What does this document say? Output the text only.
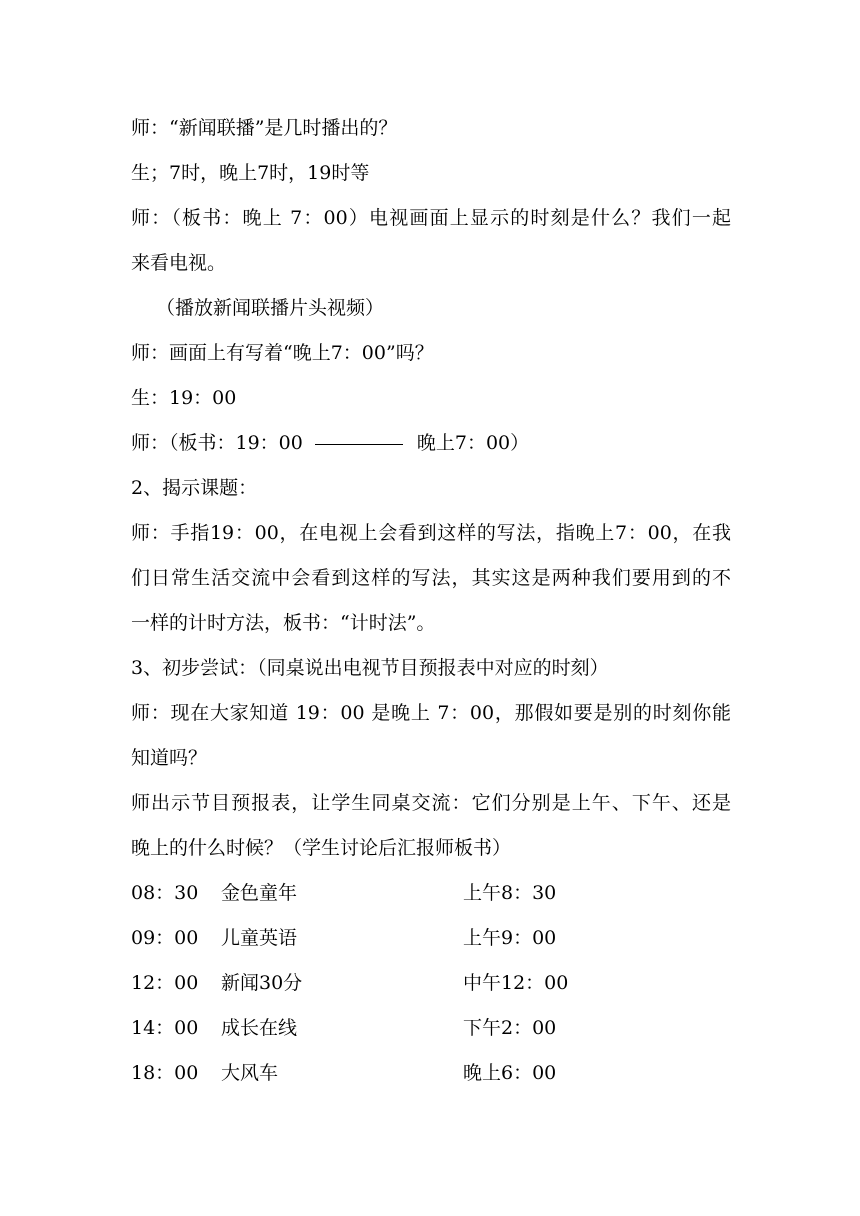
师：“新闻联播”是几时播出的？
生；7时，晚上7时，19时等
师：（板书：晚上 7：00）电视画面上显示的时刻是什么？我们一起
来看电视。
（播放新闻联播片头视频）
师：画面上有写着“晚上7：00”吗？
生：19：00
师：（板书：19：00	晚上7：00）
2、揭示课题：
师：手指19：00，在电视上会看到这样的写法，指晚上7：00，在我
们日常生活交流中会看到这样的写法，其实这是两种我们要用到的不
一样的计时方法，板书：“计时法”。
3、初步尝试：（同桌说出电视节目预报表中对应的时刻）
师：现在大家知道 19：00 是晚上 7：00，那假如要是别的时刻你能
知道吗？
师出示节目预报表，让学生同桌交流：它们分别是上午、下午、还是
晚上的什么时候？（学生讨论后汇报师板书）
08：30 金色童年	上午8：30
09：00 儿童英语	上午9：00
12：00 新闻30分	中午12：00
14：00 成长在线	下午2：00
18：00 大风车	晚上6：00
